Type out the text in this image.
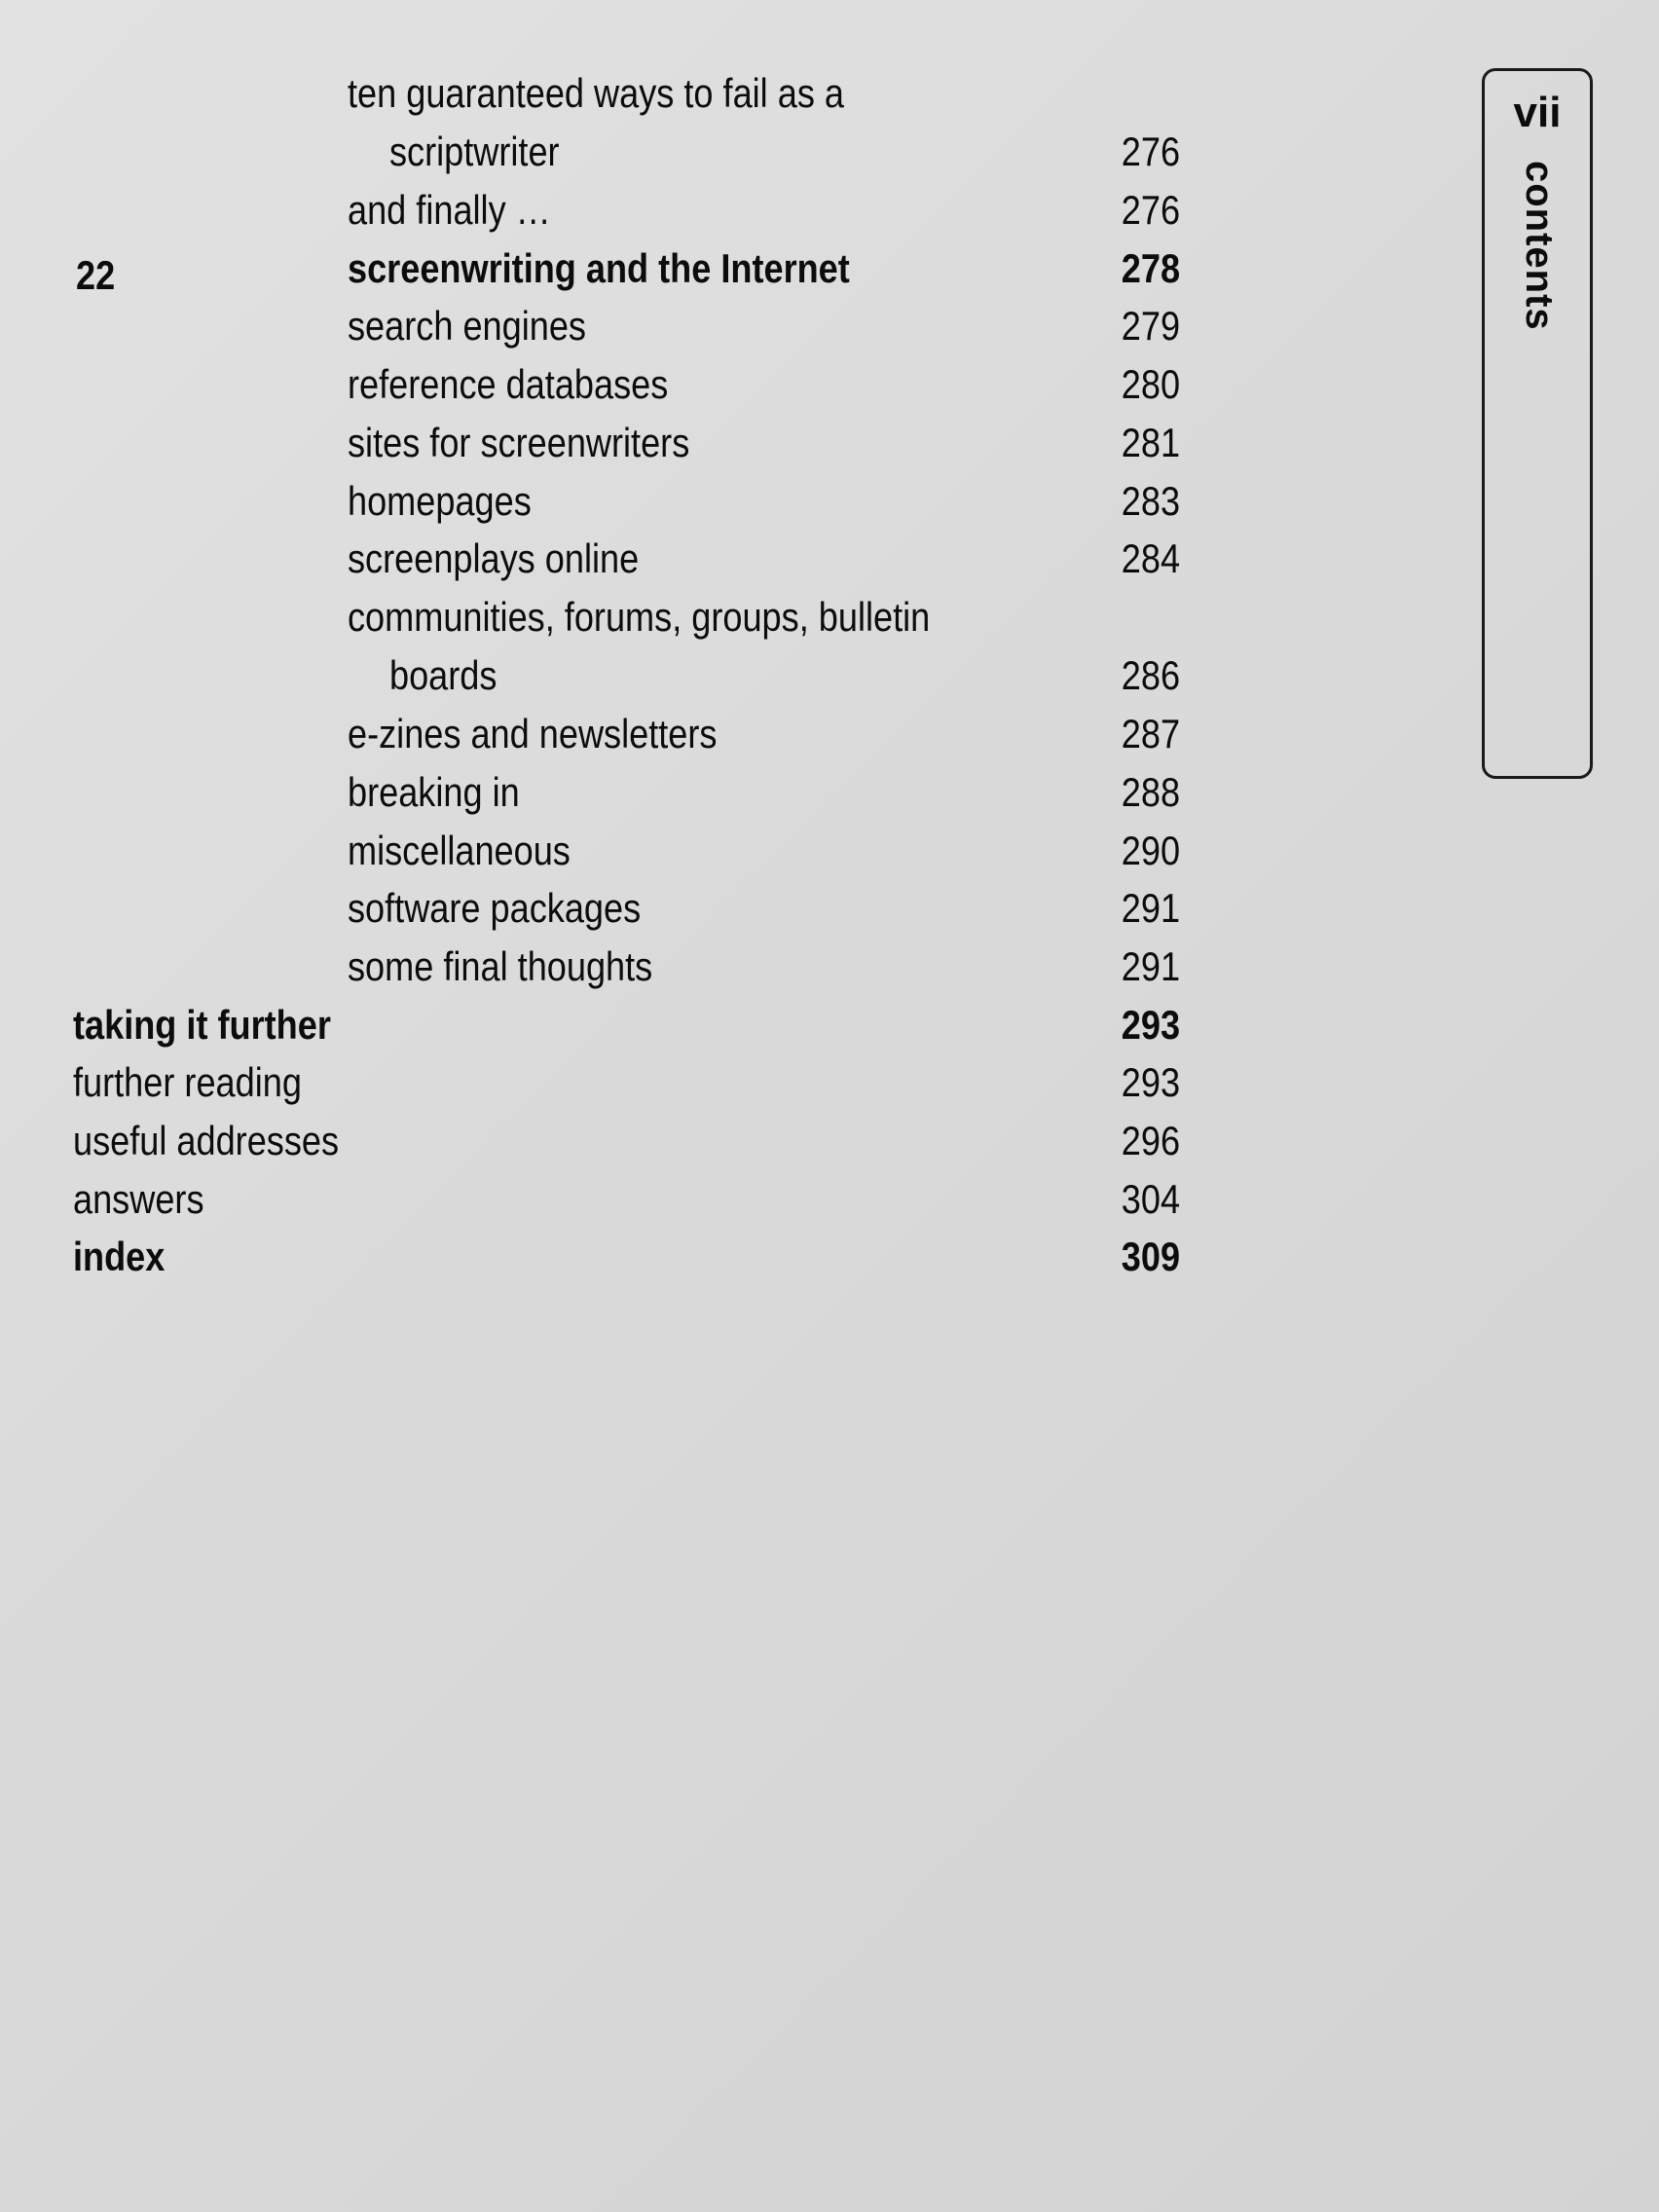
22
ten guaranteed ways to fail as a
scriptwriter	276
and finally …	276
screenwriting and the Internet	278
search engines	279
reference databases	280
sites for screenwriters	281
homepages	283
screenplays online	284
communities, forums, groups, bulletin
boards	286
e-zines and newsletters	287
breaking in	288
miscellaneous	290
software packages	291
some final thoughts	291
taking it further	293
further reading	293
useful addresses	296
answers	304
index	309
vii
contents
